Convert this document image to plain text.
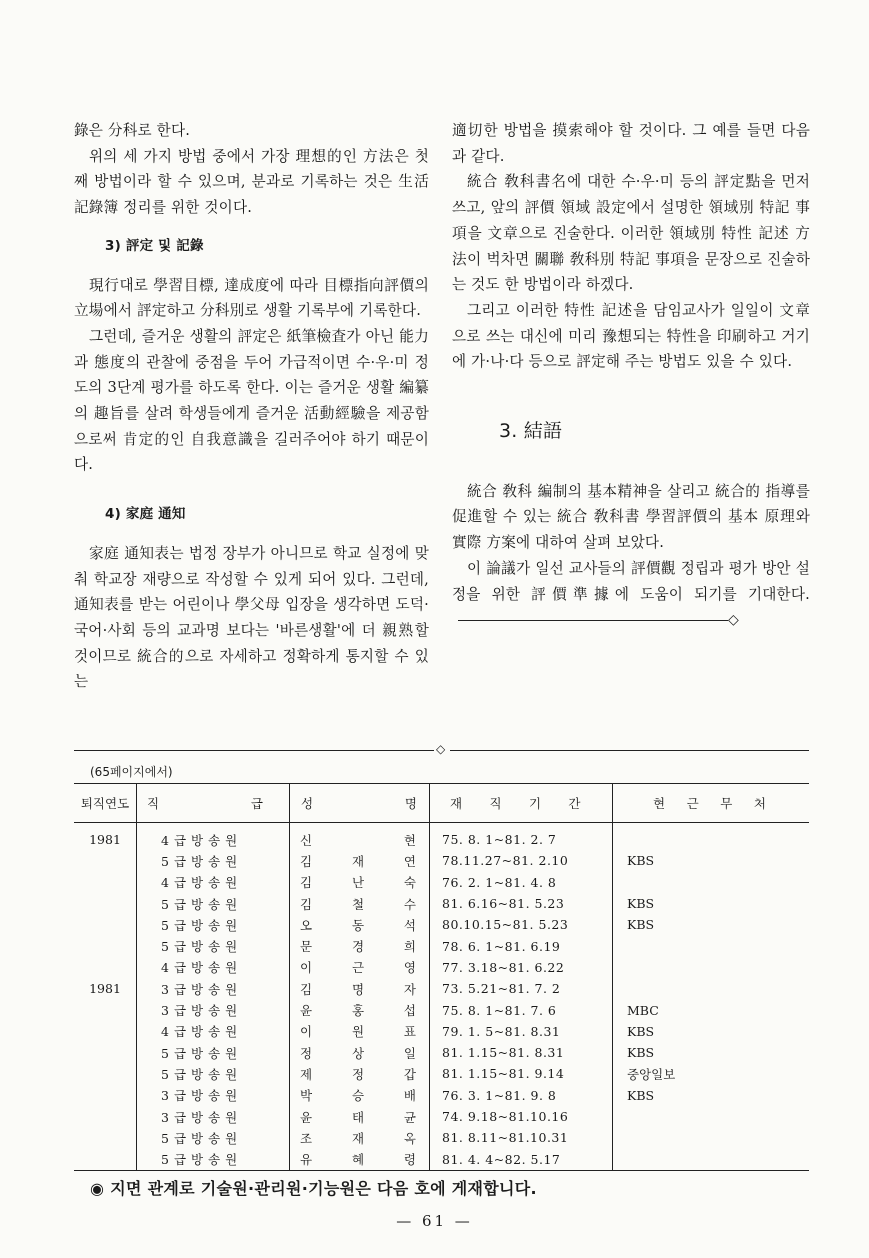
錄은 分科로 한다.

위의 세 가지 방법 중에서 가장 理想的인 方法은 첫째 방법이라 할 수 있으며, 분과로 기록하는 것은 生活記錄簿 정리를 위한 것이다.

3) 評定 및 記錄

現行대로 學習目標, 達成度에 따라 目標指向評價의 立場에서 評定하고 分科別로 생활 기록부에 기록한다.

그런데, 즐거운 생활의 評定은 紙筆檢査가 아닌 能力과 態度의 관찰에 중점을 두어 가급적이면 수·우·미 정도의 3단계 평가를 하도록 한다. 이는 즐거운 생활 編纂의 趣旨를 살려 학생들에게 즐거운 活動經驗을 제공함으로써 肯定的인 自我意識을 길러주어야 하기 때문이다.

4) 家庭 通知

家庭 通知表는 법정 장부가 아니므로 학교 실정에 맞춰 학교장 재량으로 작성할 수 있게 되어 있다. 그런데, 通知表를 받는 어린이나 學父母 입장을 생각하면 도덕·국어·사회 등의 교과명 보다는 '바른생활'에 더 親熟할 것이므로 統合的으로 자세하고 정확하게 통지할 수 있는

適切한 방법을 摸索해야 할 것이다. 그 예를 들면 다음과 같다.

統合 敎科書名에 대한 수·우·미 등의 評定點을 먼저 쓰고, 앞의 評價 領域 設定에서 설명한 領域別 特記 事項을 文章으로 진술한다. 이러한 領域別 特性 記述 方法이 벅차면 關聯 敎科別 特記 事項을 문장으로 진술하는 것도 한 방법이라 하겠다.

그리고 이러한 特性 記述을 담임교사가 일일이 文章으로 쓰는 대신에 미리 豫想되는 特性을 印刷하고 거기에 가·나·다 등으로 評定해 주는 방법도 있을 수 있다.

3. 結語

統合 敎科 編制의 基本精神을 살리고 統合的 指導를 促進할 수 있는 統合 敎科書 學習評價의 基本 原理와 實際 方案에 대하여 살펴 보았다.

이 論議가 일선 교사들의 評價觀 정립과 평가 방안 설정을 위한 評價準據에 도움이 되기를 기대한다.◇

◇
(65페이지에서)
퇴직연도	직 급	성 명	재 직 기 간	현 근 무 처

1981	4급방송원	신 현	75. 8. 1~81. 2. 7	
	5급방송원	김 재 연	78.11.27~81. 2.10	KBS
	4급방송원	김 난 숙	76. 2. 1~81. 4. 8	
	5급방송원	김 철 수	81. 6.16~81. 5.23	KBS
	5급방송원	오 동 석	80.10.15~81. 5.23	KBS
	5급방송원	문 경 희	78. 6. 1~81. 6.19	
	4급방송원	이 근 영	77. 3.18~81. 6.22	
1981	3급방송원	김 명 자	73. 5.21~81. 7. 2	
	3급방송원	윤 홍 섭	75. 8. 1~81. 7. 6	MBC
	4급방송원	이 원 표	79. 1. 5~81. 8.31	KBS
	5급방송원	정 상 일	81. 1.15~81. 8.31	KBS
	5급방송원	제 정 갑	81. 1.15~81. 9.14	중앙일보
	3급방송원	박 승 배	76. 3. 1~81. 9. 8	KBS
	3급방송원	윤 태 균	74. 9.18~81.10.16	
	5급방송원	조 재 옥	81. 8.11~81.10.31	
	5급방송원	유 혜 령	81. 4. 4~82. 5.17	
◉ 지면 관계로 기술원·관리원·기능원은 다음 호에 게재합니다.
— 61 —
